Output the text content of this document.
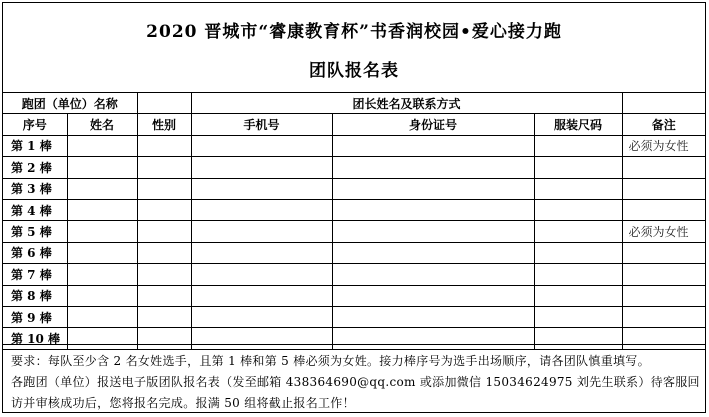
2020 晋城市“睿康教育杯”书香润校园•爱心接力跑
团队报名表
跑团（单位）名称			团长姓名及联系方式			
序号	姓名	性别	手机号	身份证号	服装尺码	备注
第 1 棒						必须为女性
第 2 棒						
第 3 棒						
第 4 棒						
第 5 棒						必须为女性
第 6 棒						
第 7 棒						
第 8 棒						
第 9 棒						
第 10 棒						

要求：每队至少含 2 名女姓选手，且第 1 棒和第 5 棒必须为女姓。接力棒序号为选手出场顺序，请各团队慎重填写。

各跑团（单位）报送电子版团队报名表（发至邮箱 438364690@qq.com 或添加微信 15034624975 刘先生联系）待客服回

访并审核成功后，您将报名完成。报满 50 组将截止报名工作！
